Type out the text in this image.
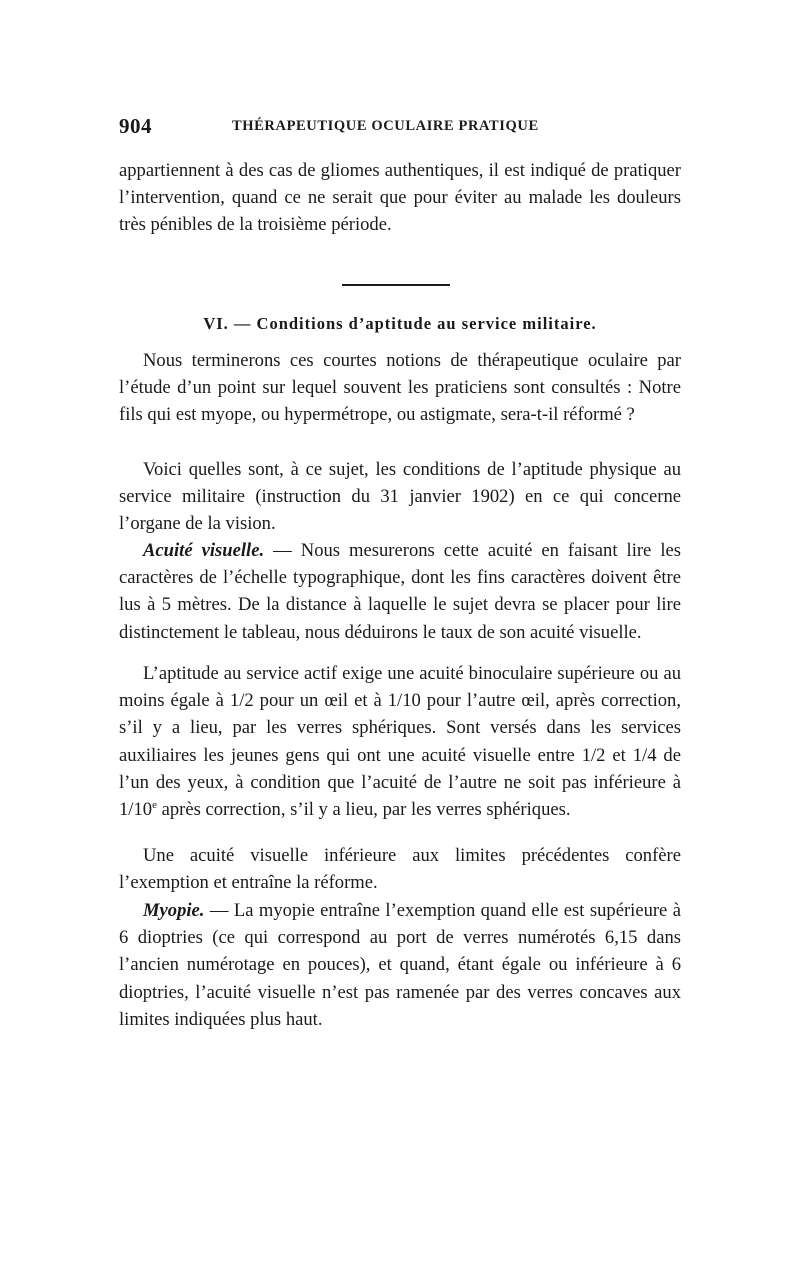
904	THÉRAPEUTIQUE OCULAIRE PRATIQUE

appartiennent à des cas de gliomes authentiques, il est indiqué de pratiquer l’intervention, quand ce ne serait que pour éviter au malade les douleurs très pénibles de la troisième période.

VI. — Conditions d’aptitude au service militaire.

Nous terminerons ces courtes notions de thérapeutique oculaire par l’étude d’un point sur lequel souvent les praticiens sont consultés : Notre fils qui est myope, ou hypermétrope, ou astigmate, sera-t-il réformé ?

Voici quelles sont, à ce sujet, les conditions de l’aptitude physique au service militaire (instruction du 31 janvier 1902) en ce qui concerne l’organe de la vision.

Acuité visuelle. — Nous mesurerons cette acuité en faisant lire les caractères de l’échelle typographique, dont les fins caractères doivent être lus à 5 mètres. De la distance à laquelle le sujet devra se placer pour lire distinctement le tableau, nous déduirons le taux de son acuité visuelle.

L’aptitude au service actif exige une acuité binoculaire supérieure ou au moins égale à 1/2 pour un œil et à 1/10 pour l’autre œil, après correction, s’il y a lieu, par les verres sphériques. Sont versés dans les services auxiliaires les jeunes gens qui ont une acuité visuelle entre 1/2 et 1/4 de l’un des yeux, à condition que l’acuité de l’autre ne soit pas inférieure à 1/10e après correction, s’il y a lieu, par les verres sphériques.

Une acuité visuelle inférieure aux limites précédentes confère l’exemption et entraîne la réforme.

Myopie. — La myopie entraîne l’exemption quand elle est supérieure à 6 dioptries (ce qui correspond au port de verres numérotés 6,15 dans l’ancien numérotage en pouces), et quand, étant égale ou inférieure à 6 dioptries, l’acuité visuelle n’est pas ramenée par des verres concaves aux limites indiquées plus haut.
